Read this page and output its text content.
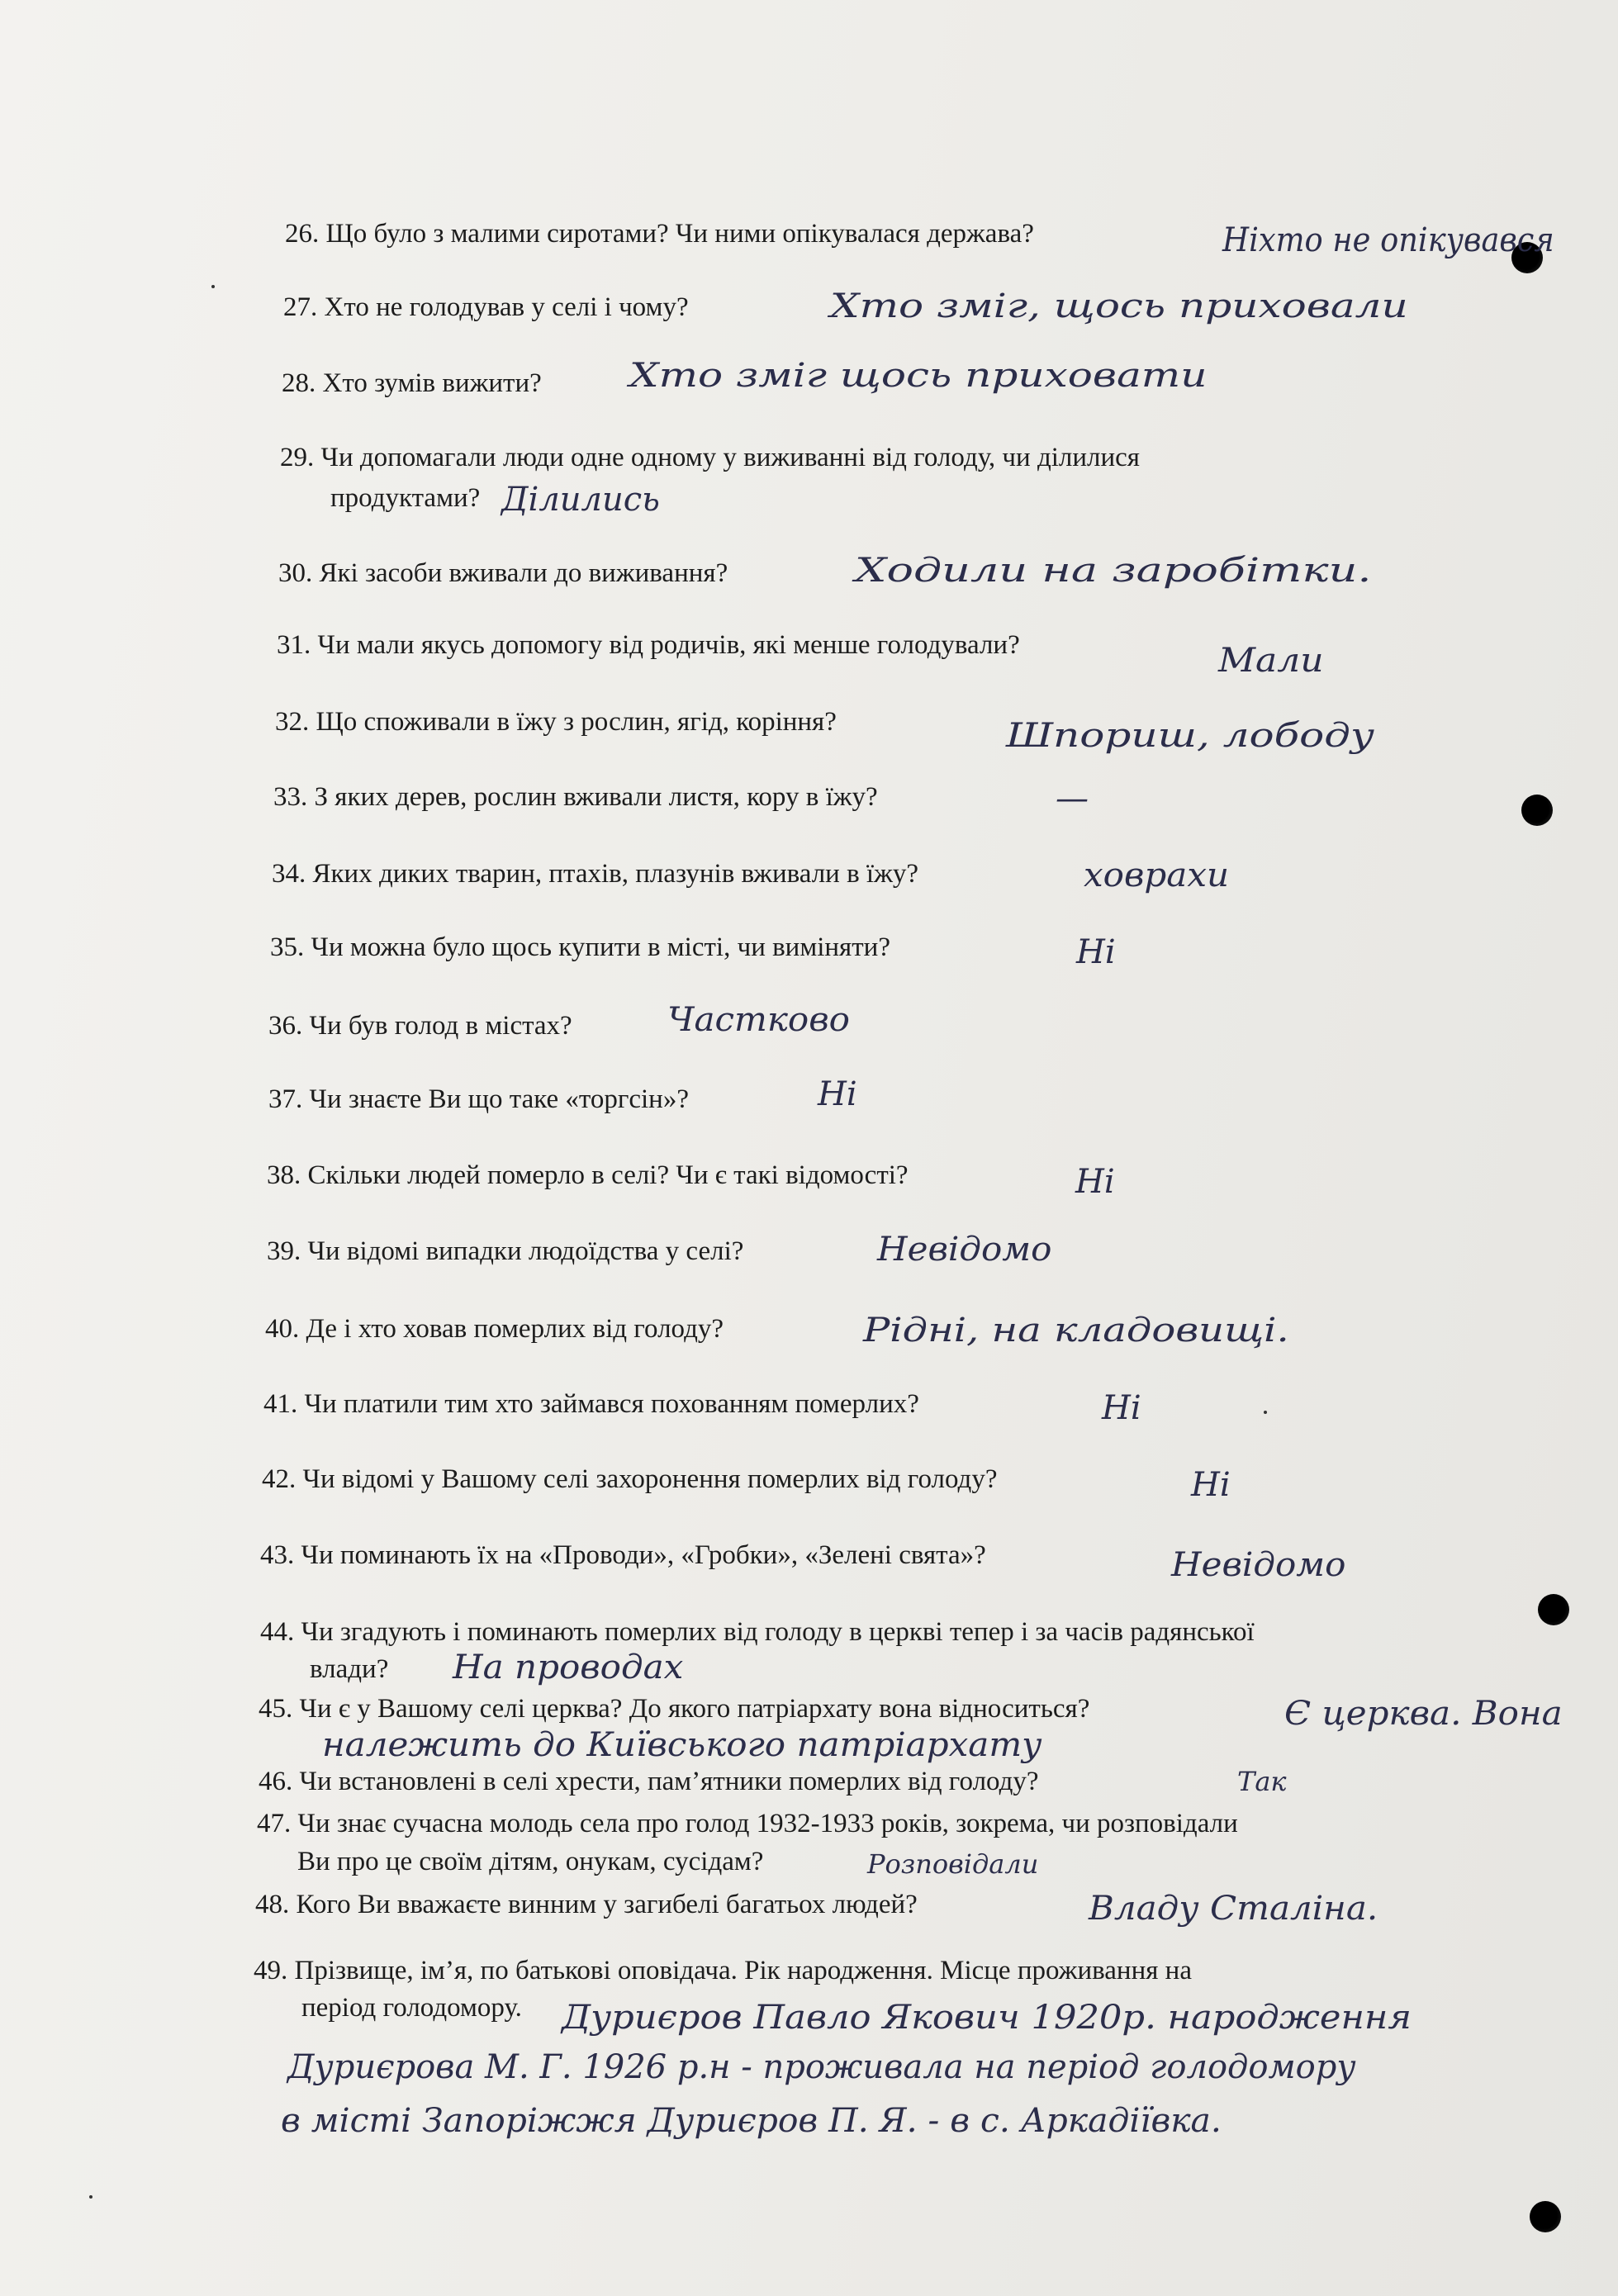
26. Що було з малими сиротами? Чи ними опікувалася держава?	Ніхто не опікувався
27. Хто не голодував у селі і чому?	Хто зміг, щось приховали
28. Хто зумів вижити?	Хто зміг щось приховати
29. Чи допомагали люди одне одному у виживанні від голоду, чи ділилися
продуктами? Ділились
30. Які засоби вживали до виживання?	Ходили на заробітки.
31. Чи мали якусь допомогу від родичів, які менше голодували?	Мали
32. Що споживали в їжу з рослин, ягід, коріння?	Шпориш, лободу
33. З яких дерев, рослин вживали листя, кору в їжу?	—
34. Яких диких тварин, птахів, плазунів вживали в їжу?	ховрахи
35. Чи можна було щось купити в місті, чи виміняти?	Ні
36. Чи був голод в містах?	Частково
37. Чи знаєте Ви що таке «торгсін»?	Ні
38. Скільки людей померло в селі? Чи є такі відомості?	Ні
39. Чи відомі випадки людоїдства у селі?	Невідомо
40. Де і хто ховав померлих від голоду?	Рідні, на кладовищі.
41. Чи платили тим хто займався похованням померлих?	Ні
42. Чи відомі у Вашому селі захоронення померлих від голоду?	Ні
43. Чи поминають їх на «Проводи», «Гробки», «Зелені свята»?	Невідомо
44. Чи згадують і поминають померлих від голоду в церкві тепер і за часів радянської
влади? На проводах
45. Чи є у Вашому селі церква? До якого патріархату вона відноситься?	Є церква. Вона
належить до Київського патріархату
46. Чи встановлені в селі хрести, пам’ятники померлих від голоду?	Так
47. Чи знає сучасна молодь села про голод 1932-1933 років, зокрема, чи розповідали
Ви про це своїм дітям, онукам, сусідам?	Розповідали
48. Кого Ви вважаєте винним у загибелі багатьох людей?	Владу Сталіна.
49. Прізвище, ім’я, по батькові оповідача. Рік народження. Місце проживання на
період голодомору. Дуриєров Павло Якович 1920р. народження
Дуриєрова М. Г. 1926 р.н - проживала на період голодомору
в місті Запоріжжя Дуриєров П. Я. - в с. Аркадіївка.
